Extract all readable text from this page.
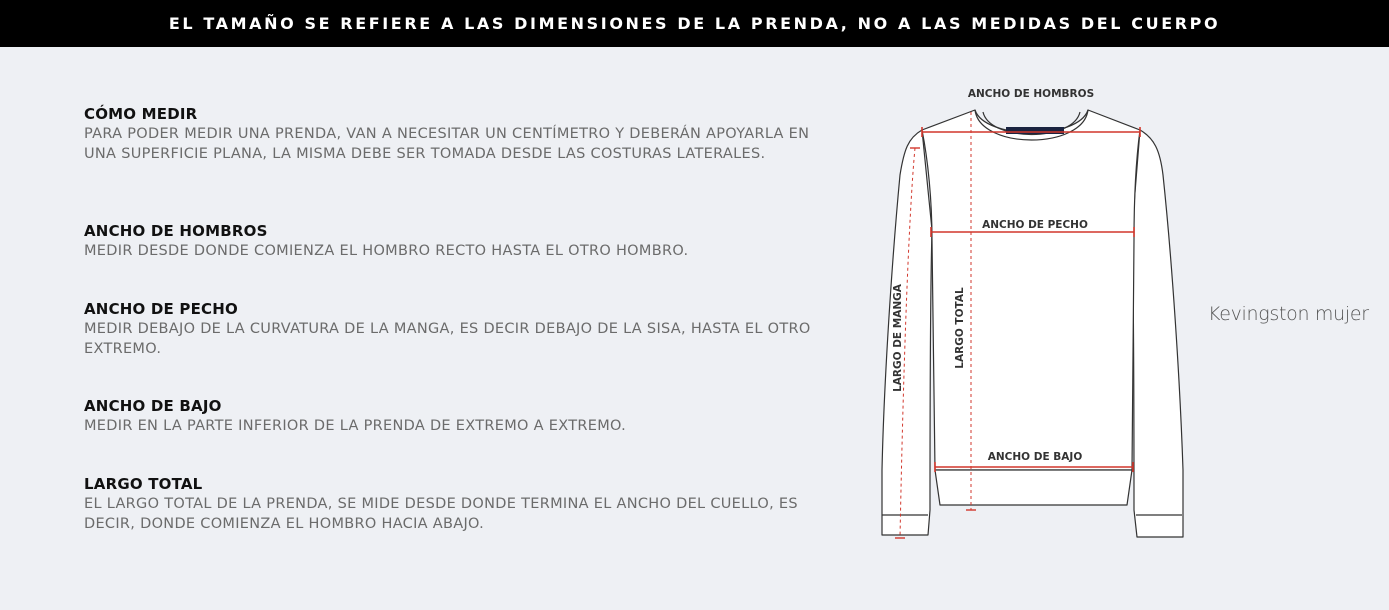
EL TAMAÑO SE REFIERE A LAS DIMENSIONES DE LA PRENDA, NO A LAS MEDIDAS DEL CUERPO
CÓMO MEDIR
PARA PODER MEDIR UNA PRENDA, VAN A NECESITAR UN CENTÍMETRO Y DEBERÁN APOYARLA EN UNA SUPERFICIE PLANA, LA MISMA DEBE SER TOMADA DESDE LAS COSTURAS LATERALES.
ANCHO DE HOMBROS
MEDIR DESDE DONDE COMIENZA EL HOMBRO RECTO HASTA EL OTRO HOMBRO.
ANCHO DE PECHO
MEDIR DEBAJO DE LA CURVATURA DE LA MANGA, ES DECIR DEBAJO DE LA SISA, HASTA EL OTRO EXTREMO.
ANCHO DE BAJO
MEDIR EN LA PARTE INFERIOR DE LA PRENDA DE EXTREMO A EXTREMO.
LARGO TOTAL
EL LARGO TOTAL DE LA PRENDA, SE MIDE DESDE DONDE TERMINA EL ANCHO DEL CUELLO, ES DECIR, DONDE COMIENZA EL HOMBRO HACIA ABAJO.
ANCHO DE HOMBROS
ANCHO DE PECHO
ANCHO DE BAJO
LARGO TOTAL
LARGO DE MANGA	Kevingston mujer
